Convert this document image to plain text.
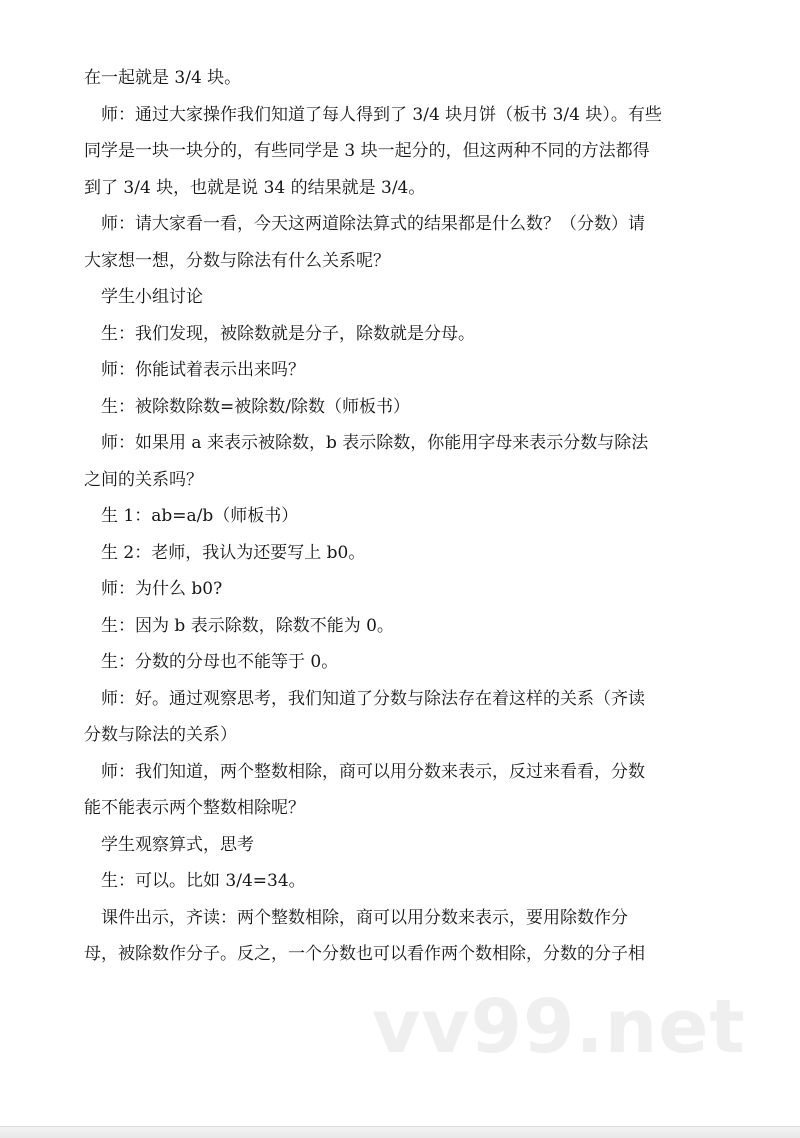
在一起就是 3/4 块。

师：通过大家操作我们知道了每人得到了 3/4 块月饼（板书 3/4 块）。有些
同学是一块一块分的，有些同学是 3 块一起分的，但这两种不同的方法都得
到了 3/4 块，也就是说 34 的结果就是 3/4。

师：请大家看一看，今天这两道除法算式的结果都是什么数？（分数）请
大家想一想，分数与除法有什么关系呢？

学生小组讨论

生：我们发现，被除数就是分子，除数就是分母。

师：你能试着表示出来吗？

生：被除数除数=被除数/除数（师板书）

师：如果用 a 来表示被除数，b 表示除数，你能用字母来表示分数与除法
之间的关系吗？

生 1：ab=a/b（师板书）

生 2：老师，我认为还要写上 b0。

师：为什么 b0?

生：因为 b 表示除数，除数不能为 0。

生：分数的分母也不能等于 0。

师：好。通过观察思考，我们知道了分数与除法存在着这样的关系（齐读
分数与除法的关系）

师：我们知道，两个整数相除，商可以用分数来表示，反过来看看，分数
能不能表示两个整数相除呢？

学生观察算式，思考

生：可以。比如 3/4=34。

课件出示，齐读：两个整数相除，商可以用分数来表示，要用除数作分
母，被除数作分子。反之，一个分数也可以看作两个数相除，分数的分子相

vv99.net
